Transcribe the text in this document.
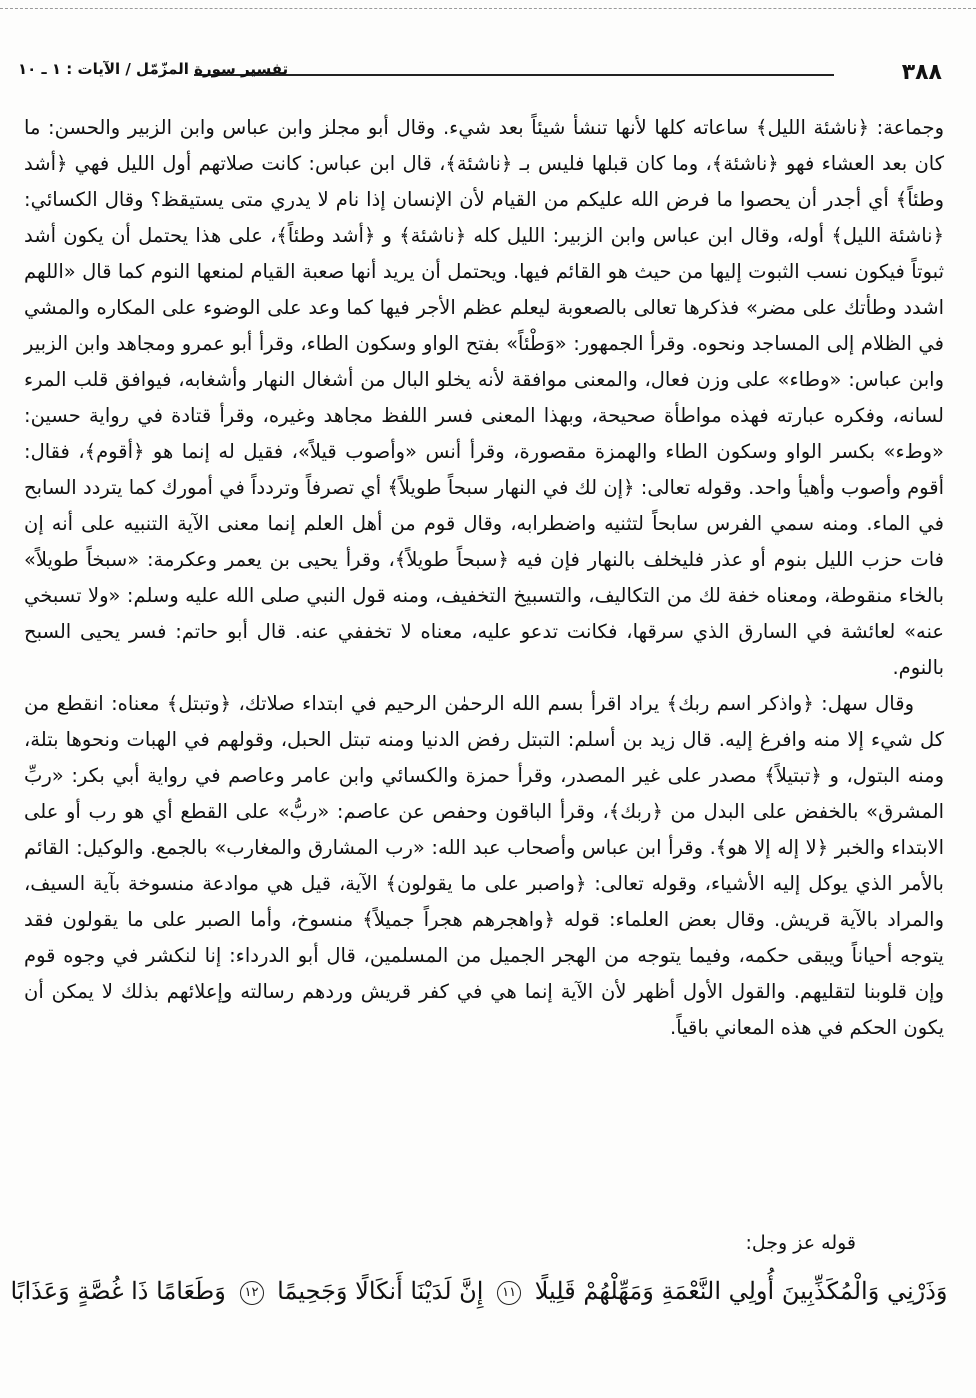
٣٨٨
تفسير سورة المزّمّل / الآيات : ١ ـ ١٠

وجماعة: ﴿ناشئة الليل﴾ ساعاته كلها لأنها تنشأ شيئاً بعد شيء. وقال أبو مجلز وابن عباس وابن الزبير والحسن: ما كان بعد العشاء فهو ﴿ناشئة﴾، وما كان قبلها فليس بـ ﴿ناشئة﴾، قال ابن عباس: كانت صلاتهم أول الليل فهي ﴿أشد وطئاً﴾ أي أجدر أن يحصوا ما فرض الله عليكم من القيام لأن الإنسان إذا نام لا يدري متى يستيقظ؟ وقال الكسائي: ﴿ناشئة الليل﴾ أوله، وقال ابن عباس وابن الزبير: الليل كله ﴿ناشئة﴾ و ﴿أشد وطئاً﴾، على هذا يحتمل أن يكون أشد ثبوتاً فيكون نسب الثبوت إليها من حيث هو القائم فيها. ويحتمل أن يريد أنها صعبة القيام لمنعها النوم كما قال «اللهم اشدد وطأتك على مضر» فذكرها تعالى بالصعوبة ليعلم عظم الأجر فيها كما وعد على الوضوء على المكاره والمشي في الظلام إلى المساجد ونحوه. وقرأ الجمهور: «وَطْئاً» بفتح الواو وسكون الطاء، وقرأ أبو عمرو ومجاهد وابن الزبير وابن عباس: «وطاء» على وزن فعال، والمعنى موافقة لأنه يخلو البال من أشغال النهار وأشغابه، فيوافق قلب المرء لسانه، وفكره عبارته فهذه مواطأة صحيحة، وبهذا المعنى فسر اللفظ مجاهد وغيره، وقرأ قتادة في رواية حسين: «وطء» بكسر الواو وسكون الطاء والهمزة مقصورة، وقرأ أنس «وأصوب قيلاً»، فقيل له إنما هو ﴿أقوم﴾، فقال: أقوم وأصوب وأهيأ واحد. وقوله تعالى: ﴿إن لك في النهار سبحاً طويلاً﴾ أي تصرفاً وتردداً في أمورك كما يتردد السابح في الماء. ومنه سمي الفرس سابحاً لتثنيه واضطرابه، وقال قوم من أهل العلم إنما معنى الآية التنبيه على أنه إن فات حزب الليل بنوم أو عذر فليخلف بالنهار فإن فيه ﴿سبحاً طويلاً﴾، وقرأ يحيى بن يعمر وعكرمة: «سبخاً طويلاً» بالخاء منقوطة، ومعناه خفة لك من التكاليف، والتسبيخ التخفيف، ومنه قول النبي صلى الله عليه وسلم: «ولا تسبخي عنه» لعائشة في السارق الذي سرقها، فكانت تدعو عليه، معناه لا تخففي عنه. قال أبو حاتم: فسر يحيى السبح بالنوم.

وقال سهل: ﴿واذكر اسم ربك﴾ يراد اقرأ بسم الله الرحمٰن الرحيم في ابتداء صلاتك، ﴿وتبتل﴾ معناه: انقطع من كل شيء إلا منه وافرغ إليه. قال زيد بن أسلم: التبتل رفض الدنيا ومنه تبتل الحبل، وقولهم في الهبات ونحوها بتلة، ومنه البتول، و ﴿تبتيلاً﴾ مصدر على غير المصدر، وقرأ حمزة والكسائي وابن عامر وعاصم في رواية أبي بكر: «ربِّ المشرق» بالخفض على البدل من ﴿ربك﴾، وقرأ الباقون وحفص عن عاصم: «ربُّ» على القطع أي هو رب أو على الابتداء والخبر ﴿لا إله إلا هو﴾. وقرأ ابن عباس وأصحاب عبد الله: «رب المشارق والمغارب» بالجمع. والوكيل: القائم بالأمر الذي يوكل إليه الأشياء، وقوله تعالى: ﴿واصبر على ما يقولون﴾ الآية، قيل هي موادعة منسوخة بآية السيف، والمراد بالآية قريش. وقال بعض العلماء: قوله ﴿واهجرهم هجراً جميلاً﴾ منسوخ، وأما الصبر على ما يقولون فقد يتوجه أحياناً ويبقى حكمه، وفيما يتوجه من الهجر الجميل من المسلمين، قال أبو الدرداء: إنا لنكشر في وجوه قوم وإن قلوبنا لتقليهم. والقول الأول أظهر لأن الآية إنما هي في كفر قريش وردهم رسالته وإعلائهم بذلك لا يمكن أن يكون الحكم في هذه المعاني باقياً.

قوله عز وجل:
وَذَرْنِي وَالْمُكَذِّبِينَ أُولِي النَّعْمَةِ وَمَهِّلْهُمْ قَلِيلًا ١١ إِنَّ لَدَيْنَا أَنكَالًا وَجَحِيمًا ١٢ وَطَعَامًا ذَا غُصَّةٍ وَعَذَابًا
